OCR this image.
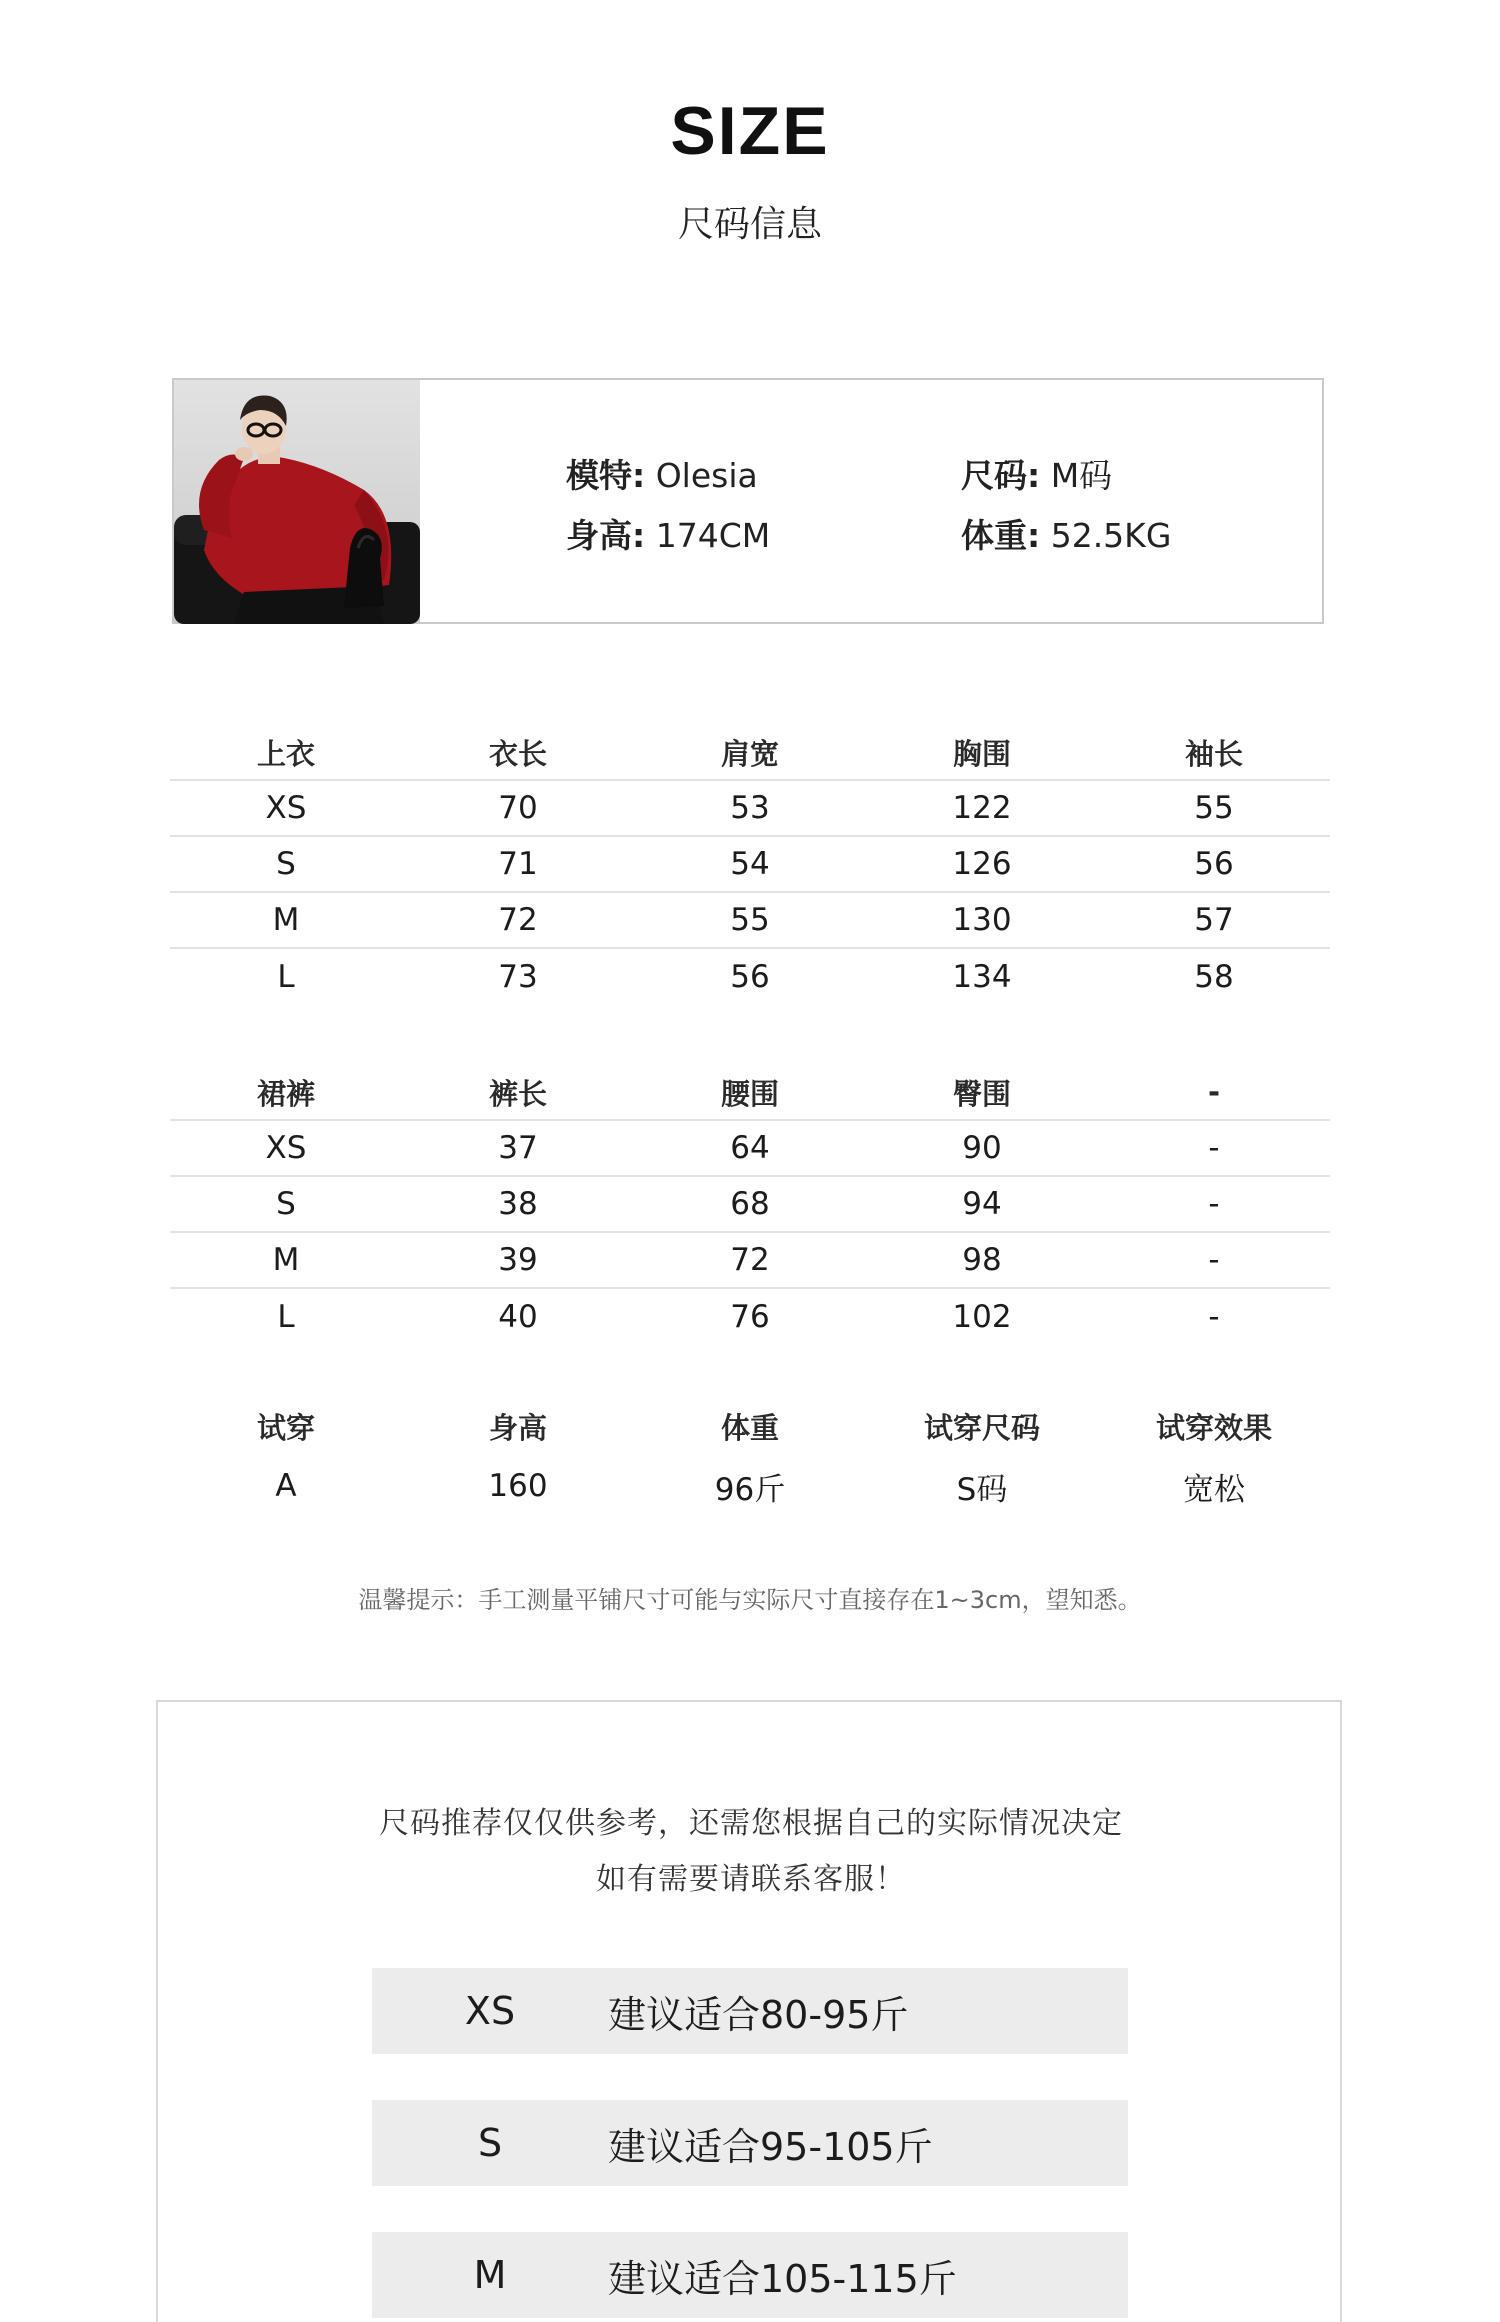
SIZE
尺码信息
模特: Olesia
身高: 174CM
尺码: M码
体重: 52.5KG
上衣	衣长	肩宽	胸围	袖长
XS	70	53	122	55
S	71	54	126	56
M	72	55	130	57
L	73	56	134	58
裙裤	裤长	腰围	臀围	-
XS	37	64	90	-
S	38	68	94	-
M	39	72	98	-
L	40	76	102	-
试穿	身高	体重	试穿尺码	试穿效果
A	160	96斤	S码	宽松
温馨提示：手工测量平铺尺寸可能与实际尺寸直接存在1~3cm，望知悉。
尺码推荐仅仅供参考，还需您根据自己的实际情况决定
如有需要请联系客服！
XS	建议适合80-95斤
S	建议适合95-105斤
M	建议适合105-115斤
